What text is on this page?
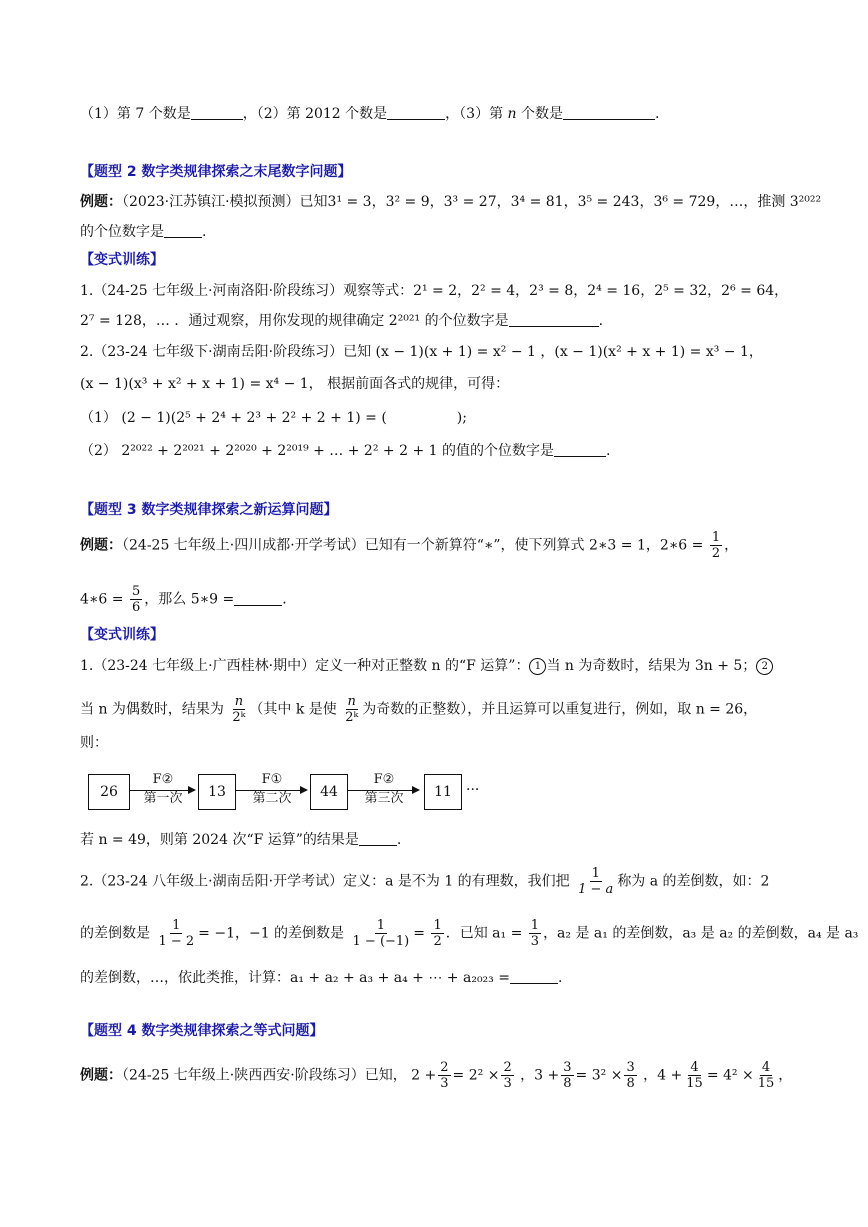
（1）第 7 个数是	，（2）第 2012 个数是	，（3）第 n 个数是	.
【题型 2 数字类规律探索之末尾数字问题】
例题：（2023·江苏镇江·模拟预测）已知3¹ = 3，3² = 9，3³ = 27，3⁴ = 81，3⁵ = 243，3⁶ = 729，…，推测 3²⁰²²
的个位数字是	.
【变式训练】
1.（24-25 七年级上·河南洛阳·阶段练习）观察等式：2¹ = 2，2² = 4，2³ = 8，2⁴ = 16，2⁵ = 32，2⁶ = 64，
2⁷ = 128，… ．通过观察，用你发现的规律确定 2²⁰²¹ 的个位数字是	.
2.（23-24 七年级下·湖南岳阳·阶段练习）已知 (x − 1)(x + 1) = x² − 1 ，(x − 1)(x² + x + 1) = x³ − 1，
(x − 1)(x³ + x² + x + 1) = x⁴ − 1， 根据前面各式的规律，可得：
（1） (2 − 1)(2⁵ + 2⁴ + 2³ + 2² + 2 + 1) = (	);
（2） 2²⁰²² + 2²⁰²¹ + 2²⁰²⁰ + 2²⁰¹⁹ + … + 2² + 2 + 1 的值的个位数字是	.
【题型 3 数字类规律探索之新运算问题】
例题：（24-25 七年级上·四川成都·开学考试）已知有一个新算符“∗”，使下列算式 2∗3 = 1，2∗6 = $\frac{1}{2}$ ，
4∗6 = $\frac{5}{6}$ ，那么 5∗9 =	.
【变式训练】
1.（23-24 七年级上·广西桂林·期中）定义一种对正整数 n 的“F 运算”： 1 当 n 为奇数时，结果为 3n + 5； 2
当 n 为偶数时，结果为 $\frac{n}{\text{2ᵏ}}$ （其中 k 是使 $\frac{n}{\text{2ᵏ}}$ 为奇数的正整数），并且运算可以重复进行，例如，取 n = 26，
则：
26
F②
第一次	13
F①
第二次	44
F②
第三次	11	···
若 n = 49，则第 2024 次“F 运算”的结果是	.
2.（23-24 八年级上·湖南岳阳·开学考试）定义：a 是不为 1 的有理数，我们把 $\frac{1}{1 - a}$ 称为 a 的差倒数，如：2
的差倒数是 $\frac{1}{1 - 2} = -1$，−1 的差倒数是 $\frac{1}{1 - (-1)} = \frac{1}{2}$ ．已知 $a_1 = \frac{1}{3}$ ，a₂ 是 a₁ 的差倒数，a₃ 是 a₂ 的差倒数，a₄ 是 a₃
的差倒数，…，依此类推，计算：a₁ + a₂ + a₃ + a₄ + ⋯ + a₂₀₂₃ =	.
【题型 4 数字类规律探索之等式问题】
例题：（24-25 七年级上·陕西西安·阶段练习）已知， $2 + \frac{2}{3} = 2^2 \times \frac{2}{3}$ ，$3 + \frac{3}{8} = 3^2 \times \frac{3}{8}$ ，$4 + \frac{4}{15} = 4^2 \times \frac{4}{15}$ ，
